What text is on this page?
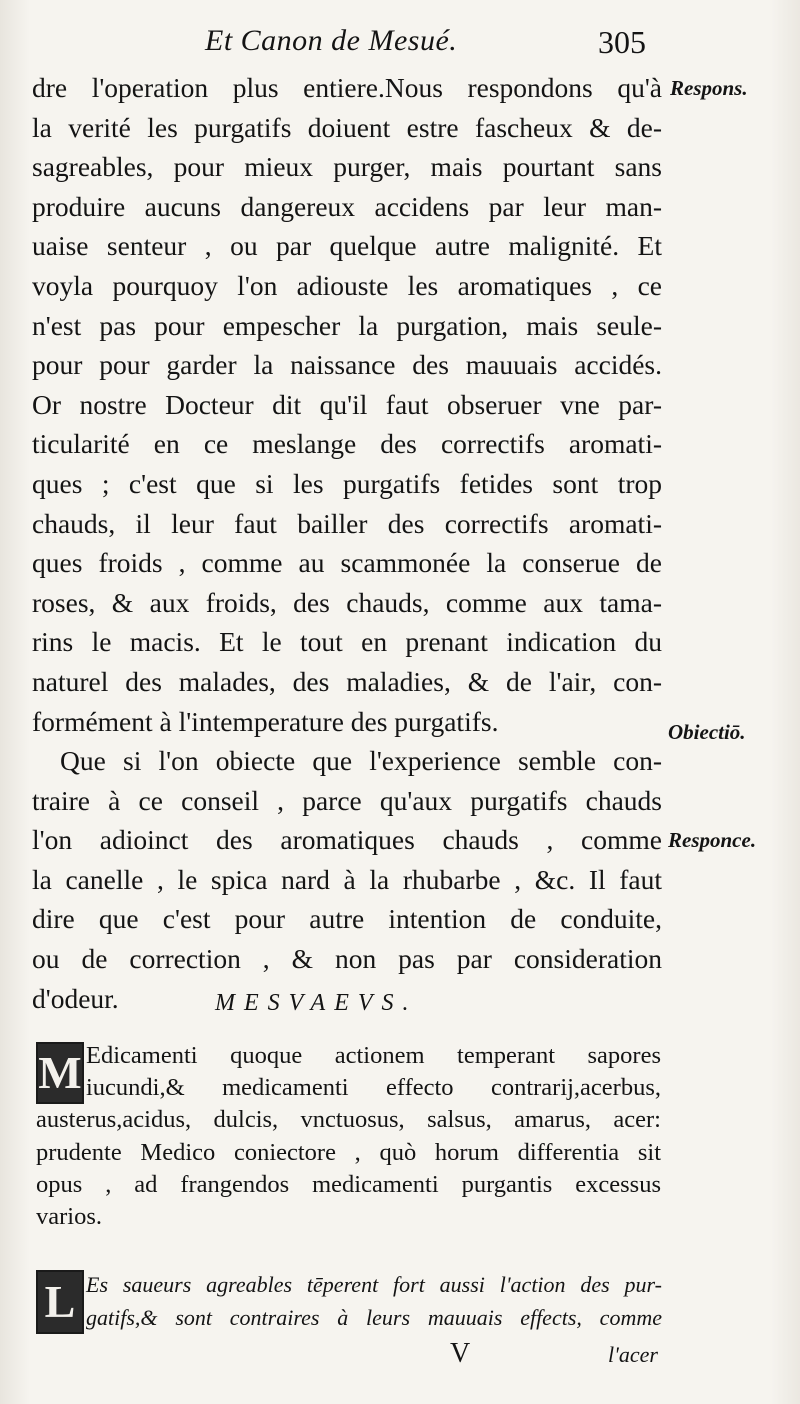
Et Canon de Mesué.	305
dre l'operation plus entiere.Nous respondons qu'à
la verité les purgatifs doiuent estre fascheux & de-
sagreables, pour mieux purger, mais pourtant sans
produire aucuns dangereux accidens par leur man-
uaise senteur , ou par quelque autre malignité. Et
voyla pourquoy l'on adiouste les aromatiques , ce
n'est pas pour empescher la purgation, mais seule-
pour pour garder la naissance des mauuais accidés.
Or nostre Docteur dit qu'il faut obseruer vne par-
ticularité en ce meslange des correctifs aromati-
ques ; c'est que si les purgatifs fetides sont trop
chauds, il leur faut bailler des correctifs aromati-
ques froids , comme au scammonée la conserue de
roses, & aux froids, des chauds, comme aux tama-
rins le macis. Et le tout en prenant indication du
naturel des malades, des maladies, & de l'air, con-
formément à l'intemperature des purgatifs.
Que si l'on obiecte que l'experience semble con-
traire à ce conseil , parce qu'aux purgatifs chauds
l'on adioinct des aromatiques chauds , comme
la canelle , le spica nard à la rhubarbe , &c. Il faut
dire que c'est pour autre intention de conduite,
ou de correction , & non pas par consideration
d'odeur.
Respons.
Obiectiō.
Responce.
MESVAEVS.
M Edicamenti quoque actionem temperant sapores
iucundi,& medicamenti effecto contrarij,acerbus,
austerus,acidus, dulcis, vnctuosus, salsus, amarus, acer:
prudente Medico coniectore , quò horum differentia sit
opus , ad frangendos medicamenti purgantis excessus
varios.
L Es saueurs agreables tēperent fort aussi l'action des pur-
gatifs,& sont contraires à leurs mauuais effects, comme
V	l'acer
